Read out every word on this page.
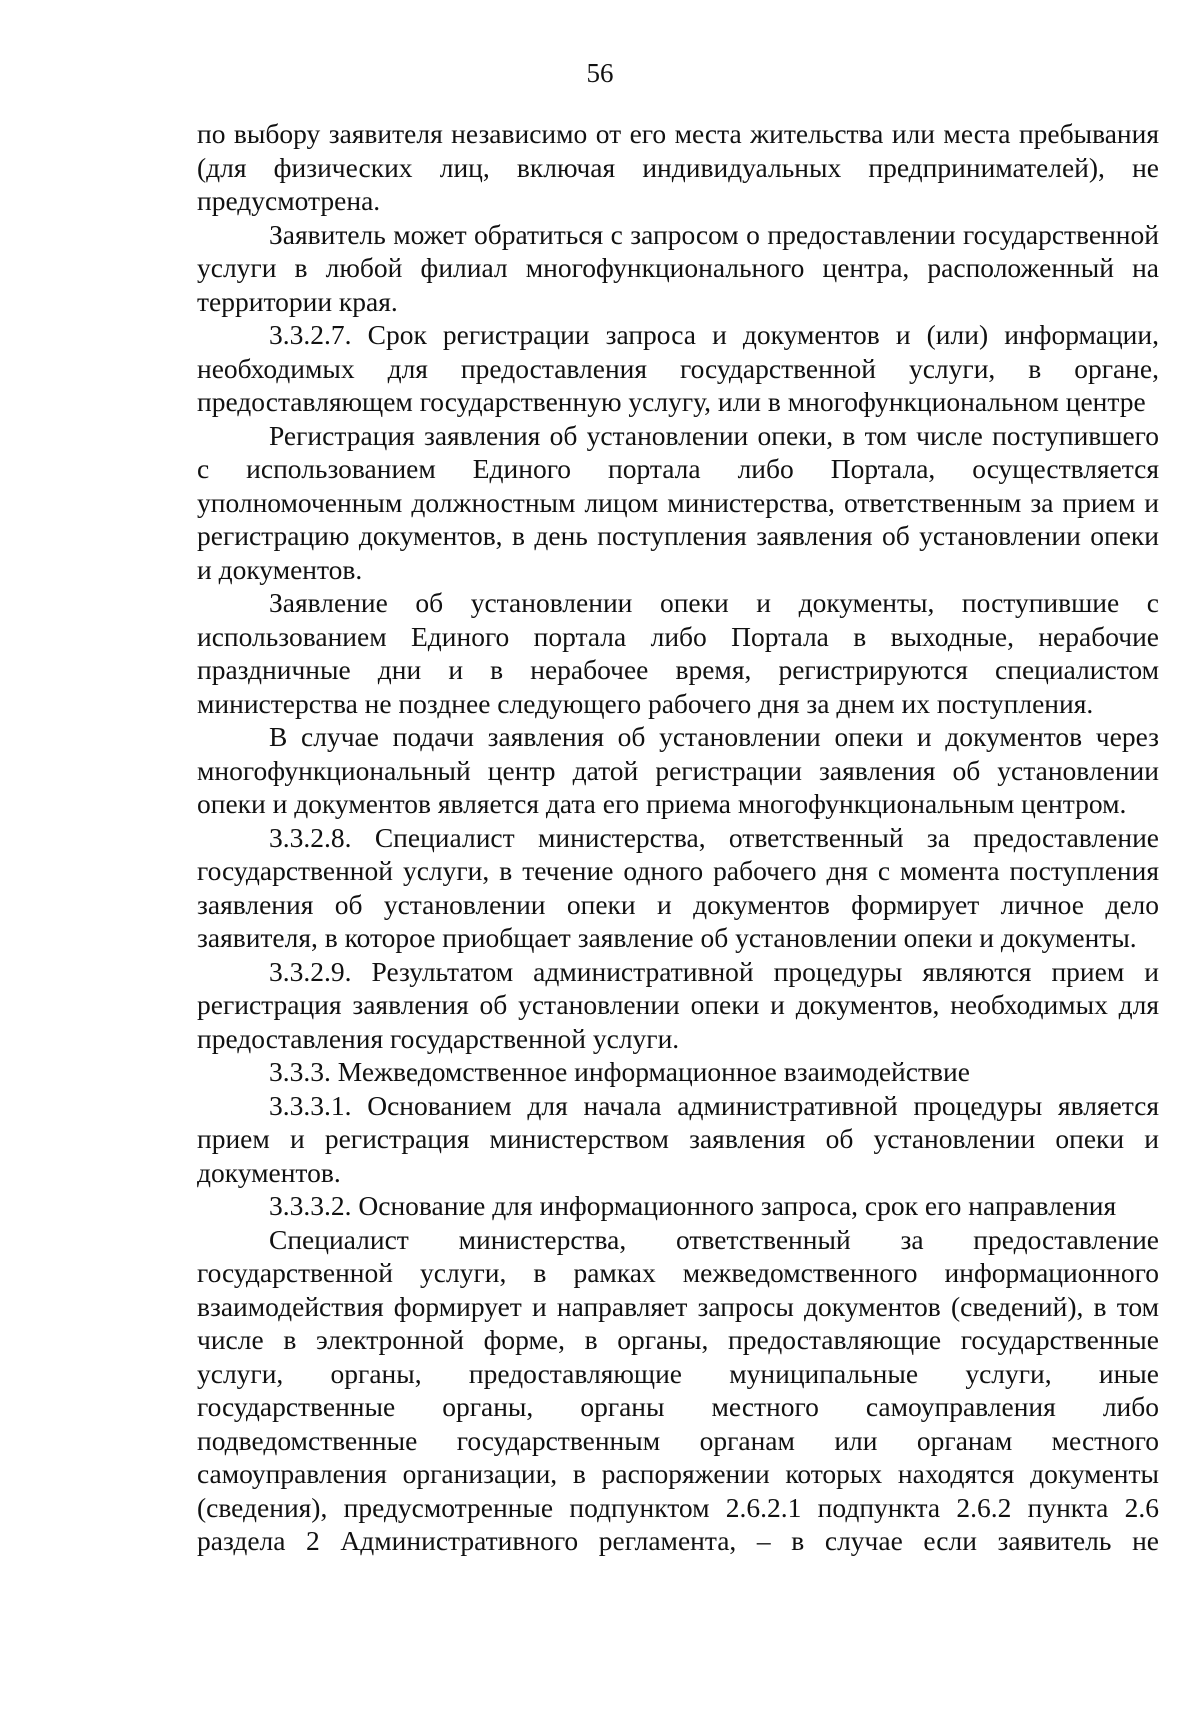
56

по выбору заявителя независимо от его места жительства или места пребывания (для физических лиц, включая индивидуальных предпринимателей), не предусмотрена.

Заявитель может обратиться с запросом о предоставлении государственной услуги в любой филиал многофункционального центра, расположенный на территории края.

3.3.2.7. Срок регистрации запроса и документов и (или) информации, необходимых для предоставления государственной услуги, в органе, предоставляющем государственную услугу, или в многофункциональном центре

Регистрация заявления об установлении опеки, в том числе поступившего с использованием Единого портала либо Портала, осуществляется уполномоченным должностным лицом министерства, ответственным за прием и регистрацию документов, в день поступления заявления об установлении опеки и документов.

Заявление об установлении опеки и документы, поступившие с использованием Единого портала либо Портала в выходные, нерабочие праздничные дни и в нерабочее время, регистрируются специалистом министерства не позднее следующего рабочего дня за днем их поступления.

В случае подачи заявления об установлении опеки и документов через многофункциональный центр датой регистрации заявления об установлении опеки и документов является дата его приема многофункциональным центром.

3.3.2.8. Специалист министерства, ответственный за предоставление государственной услуги, в течение одного рабочего дня с момента поступления заявления об установлении опеки и документов формирует личное дело заявителя, в которое приобщает заявление об установлении опеки и документы.

3.3.2.9. Результатом административной процедуры являются прием и регистрация заявления об установлении опеки и документов, необходимых для предоставления государственной услуги.

3.3.3. Межведомственное информационное взаимодействие

3.3.3.1. Основанием для начала административной процедуры является прием и регистрация министерством заявления об установлении опеки и документов.

3.3.3.2. Основание для информационного запроса, срок его направления

Специалист министерства, ответственный за предоставление государственной услуги, в рамках межведомственного информационного взаимодействия формирует и направляет запросы документов (сведений), в том числе в электронной форме, в органы, предоставляющие государственные услуги, органы, предоставляющие муниципальные услуги, иные государственные органы, органы местного самоуправления либо подведомственные государственным органам или органам местного самоуправления организации, в распоряжении которых находятся документы (сведения), предусмотренные подпунктом 2.6.2.1 подпункта 2.6.2 пункта 2.6 раздела 2 Административного регламента, – в случае если заявитель не
